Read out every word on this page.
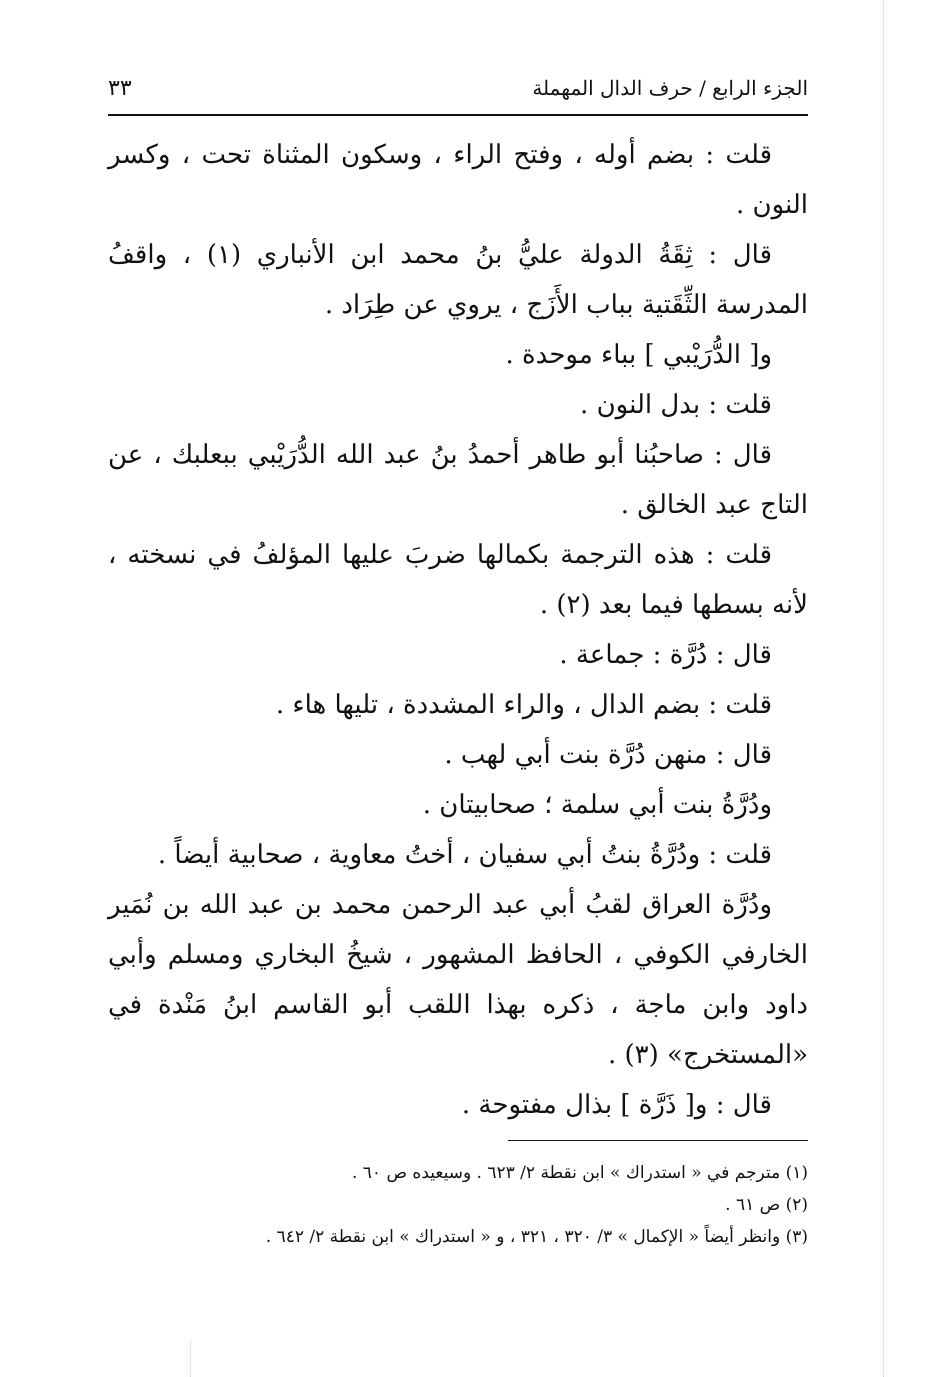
الجزء الرابع / حرف الدال المهملة
٣٣

قلت : بضم أوله ، وفتح الراء ، وسكون المثناة تحت ، وكسر النون .

قال : ثِقَةُ الدولة عليُّ بنُ محمد ابن الأنباري (١) ، واقفُ المدرسة الثِّقَتية بباب الأَزَج ، يروي عن طِرَاد .

و[ الدُّرَيْبي ] بباء موحدة .

قلت : بدل النون .

قال : صاحبُنا أبو طاهر أحمدُ بنُ عبد الله الدُّرَيْبي ببعلبك ، عن التاج عبد الخالق .

قلت : هذه الترجمة بكمالها ضربَ عليها المؤلفُ في نسخته ، لأنه بسطها فيما بعد (٢) .

قال : دُرَّة : جماعة .

قلت : بضم الدال ، والراء المشددة ، تليها هاء .

قال : منهن دُرَّة بنت أبي لهب .

ودُرَّةُ بنت أبي سلمة ؛ صحابيتان .

قلت : ودُرَّةُ بنتُ أبي سفيان ، أختُ معاوية ، صحابية أيضاً .

ودُرَّة العراق لقبُ أبي عبد الرحمن محمد بن عبد الله بن نُمَير الخارفي الكوفي ، الحافظ المشهور ، شيخُ البخاري ومسلم وأبي داود وابن ماجة ، ذكره بهذا اللقب أبو القاسم ابنُ مَنْدة في «المستخرج» (٣) .

قال : و[ ذَرَّة ] بذال مفتوحة .

(١) مترجم في « استدراك » ابن نقطة ٢/ ٦٢٣ . وسيعيده ص ٦٠ .

(٢) ص ٦١ .

(٣) وانظر أيضاً « الإكمال » ٣/ ٣٢٠ ، ٣٢١ ، و « استدراك » ابن نقطة ٢/ ٦٤٢ .
